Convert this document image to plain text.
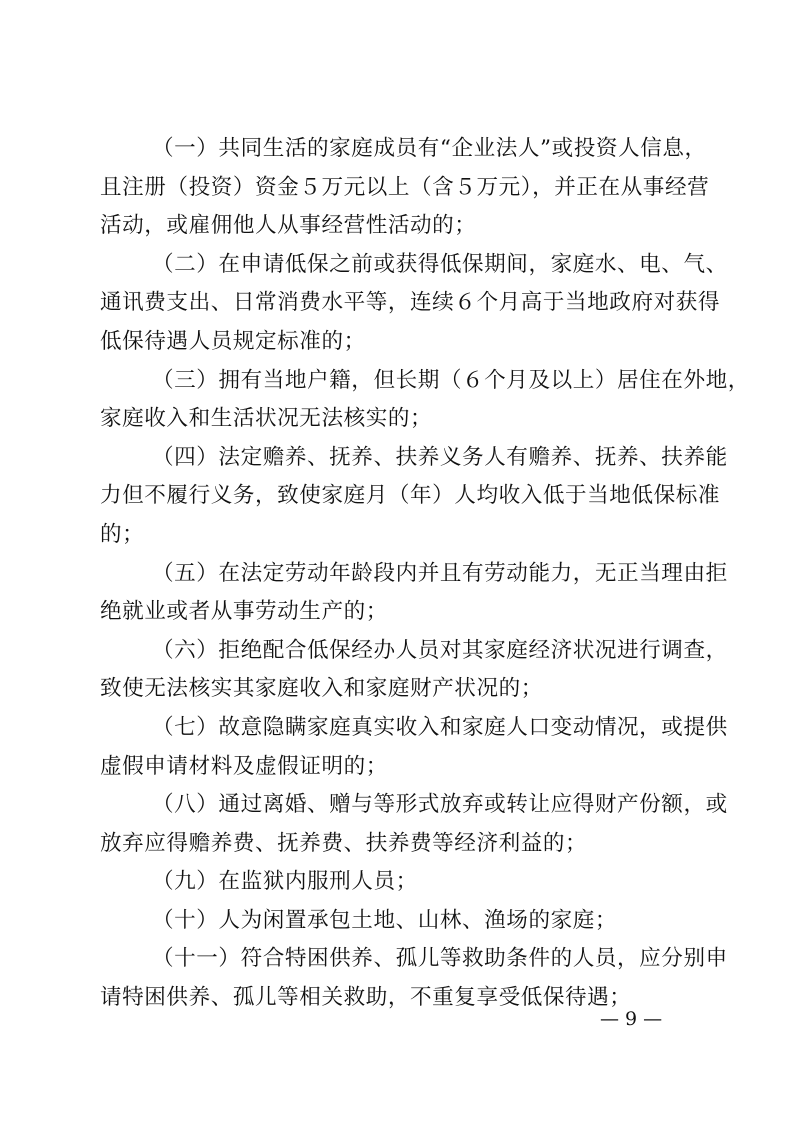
（一）共同生活的家庭成员有“企业法人”或投资人信息，
且注册（投资）资金５万元以上（含５万元），并正在从事经营
活动，或雇佣他人从事经营性活动的；
（二）在申请低保之前或获得低保期间，家庭水、电、气、
通讯费支出、日常消费水平等，连续６个月高于当地政府对获得
低保待遇人员规定标准的；
（三）拥有当地户籍，但长期（６个月及以上）居住在外地，
家庭收入和生活状况无法核实的；
（四）法定赡养、抚养、扶养义务人有赡养、抚养、扶养能
力但不履行义务，致使家庭月（年）人均收入低于当地低保标准
的；
（五）在法定劳动年龄段内并且有劳动能力，无正当理由拒
绝就业或者从事劳动生产的；
（六）拒绝配合低保经办人员对其家庭经济状况进行调查，
致使无法核实其家庭收入和家庭财产状况的；
（七）故意隐瞒家庭真实收入和家庭人口变动情况，或提供
虚假申请材料及虚假证明的；
（八）通过离婚、赠与等形式放弃或转让应得财产份额，或
放弃应得赡养费、抚养费、扶养费等经济利益的；
（九）在监狱内服刑人员；
（十）人为闲置承包土地、山林、渔场的家庭；
（十一）符合特困供养、孤儿等救助条件的人员，应分别申
请特困供养、孤儿等相关救助，不重复享受低保待遇；
— 9 —
